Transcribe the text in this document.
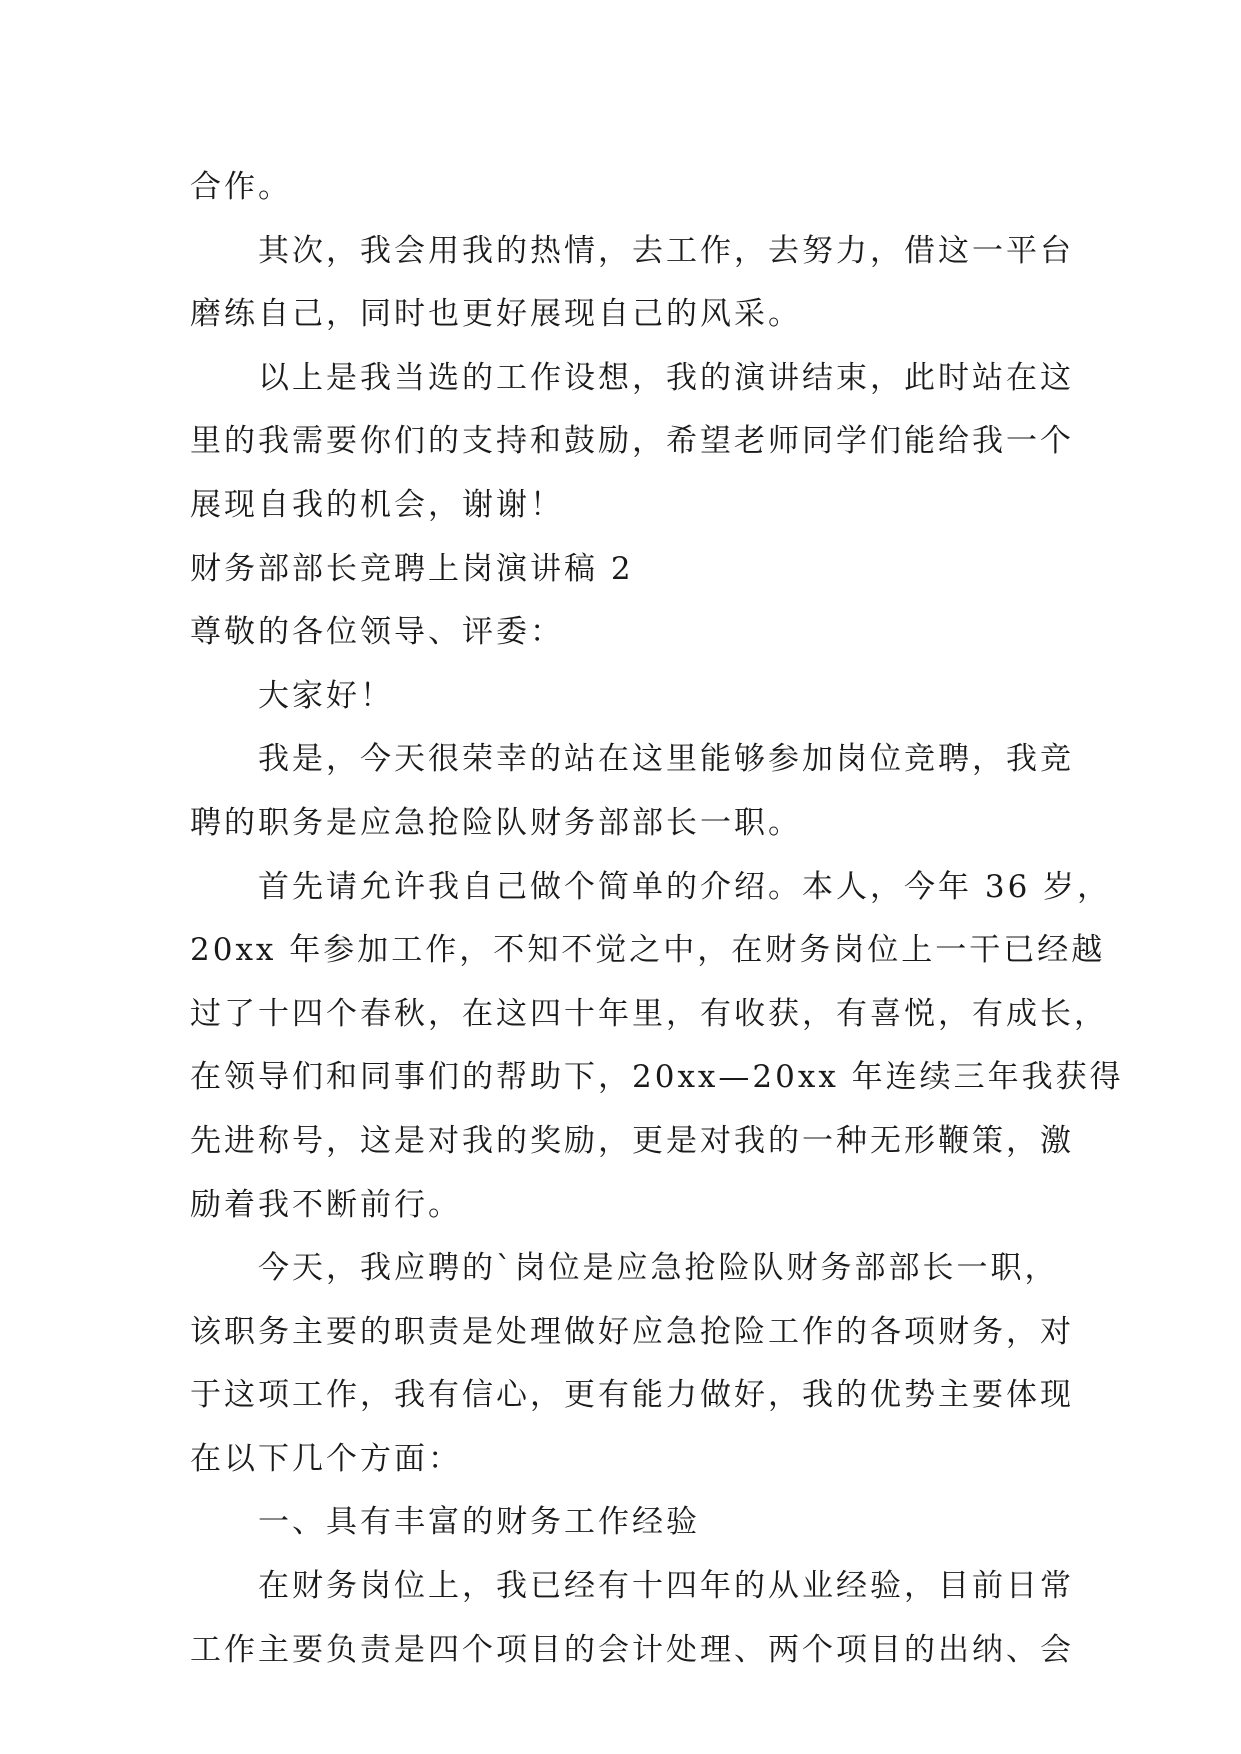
合作。
其次，我会用我的热情，去工作，去努力，借这一平台
磨练自己，同时也更好展现自己的风采。
以上是我当选的工作设想，我的演讲结束，此时站在这
里的我需要你们的支持和鼓励，希望老师同学们能给我一个
展现自我的机会，谢谢！
财务部部长竞聘上岗演讲稿 2
尊敬的各位领导、评委：
大家好！
我是，今天很荣幸的站在这里能够参加岗位竞聘，我竞
聘的职务是应急抢险队财务部部长一职。
首先请允许我自己做个简单的介绍。本人，今年 36 岁，
20xx 年参加工作，不知不觉之中，在财务岗位上一干已经越
过了十四个春秋，在这四十年里，有收获，有喜悦，有成长，
在领导们和同事们的帮助下，20xx—20xx 年连续三年我获得
先进称号，这是对我的奖励，更是对我的一种无形鞭策，激
励着我不断前行。
今天，我应聘的`岗位是应急抢险队财务部部长一职，
该职务主要的职责是处理做好应急抢险工作的各项财务，对
于这项工作，我有信心，更有能力做好，我的优势主要体现
在以下几个方面：
一、具有丰富的财务工作经验
在财务岗位上，我已经有十四年的从业经验，目前日常
工作主要负责是四个项目的会计处理、两个项目的出纳、会
